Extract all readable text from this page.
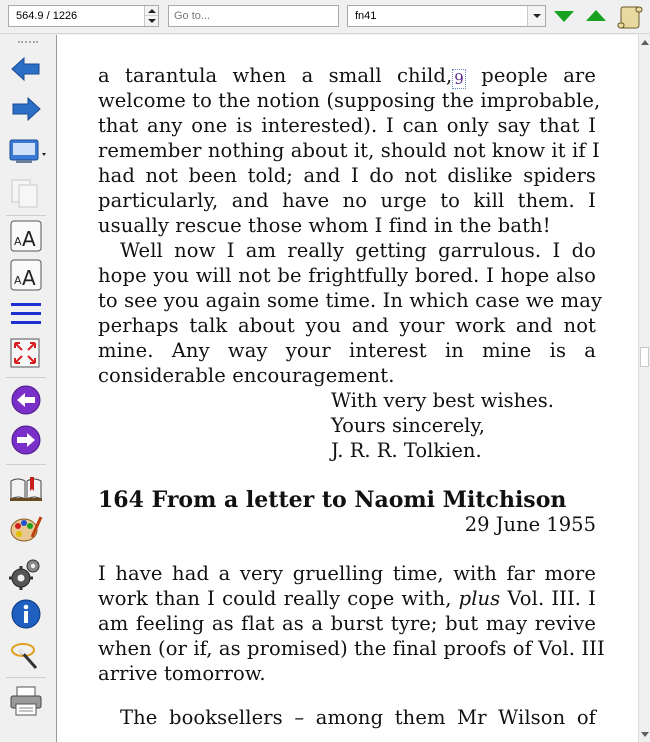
564.9 / 1226	Go to...	fn41
A A
A A
a tarantula when a small child, 9 people are
welcome to the notion (supposing the improbable,
that any one is interested). I can only say that I
remember nothing about it, should not know it if I
had not been told; and I do not dislike spiders
particularly, and have no urge to kill them. I
usually rescue those whom I find in the bath!
Well now I am really getting garrulous. I do
hope you will not be frightfully bored. I hope also
to see you again some time. In which case we may
perhaps talk about you and your work and not
mine. Any way your interest in mine is a
considerable encouragement.
With very best wishes.
Yours sincerely,
J. R. R. Tolkien.
164 From a letter to Naomi Mitchison
29 June 1955
I have had a very gruelling time, with far more
work than I could really cope with, plus Vol. III. I
am feeling as flat as a burst tyre; but may revive
when (or if, as promised) the final proofs of Vol. III
arrive tomorrow.
The booksellers – among them Mr Wilson of
